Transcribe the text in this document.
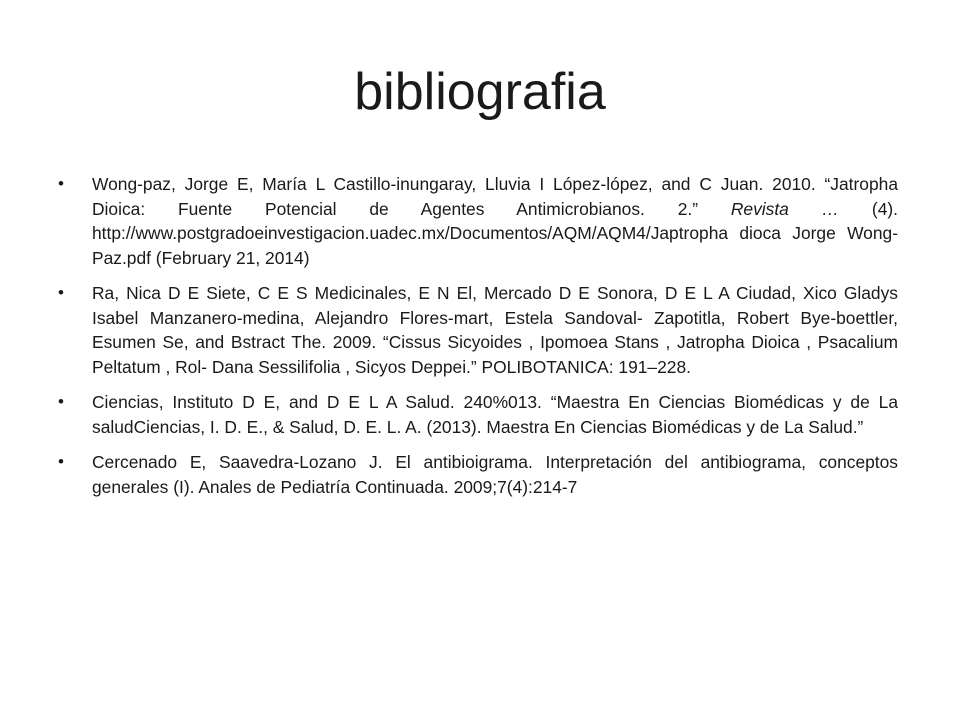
bibliografia
•	Wong-paz, Jorge E, María L Castillo-inungaray, Lluvia I López-lópez, and C Juan. 2010. “Jatropha Dioica: Fuente Potencial de Agentes Antimicrobianos. 2.” Revista … (4). http://www.postgradoeinvestigacion.uadec.mx/Documentos/AQM/AQM4/Japtropha dioca Jorge Wong-Paz.pdf (February 21, 2014)
•	Ra, Nica D E Siete, C E S Medicinales, E N El, Mercado D E Sonora, D E L A Ciudad, Xico Gladys Isabel Manzanero-medina, Alejandro Flores-mart, Estela Sandoval- Zapotitla, Robert Bye-boettler, Esumen Se, and Bstract The. 2009. “Cissus Sicyoides , Ipomoea Stans , Jatropha Dioica , Psacalium Peltatum , Rol- Dana Sessilifolia , Sicyos Deppei.” POLIBOTANICA: 191–228.
•	Ciencias, Instituto D E, and D E L A Salud. 240%013. “Maestra En Ciencias Biomédicas y de La saludCiencias, I. D. E., & Salud, D. E. L. A. (2013). Maestra En Ciencias Biomédicas y de La Salud.”
•	Cercenado E, Saavedra-Lozano J. El antibioigrama. Interpretación del antibiograma, conceptos generales (I). Anales de Pediatría Continuada. 2009;7(4):214-7
